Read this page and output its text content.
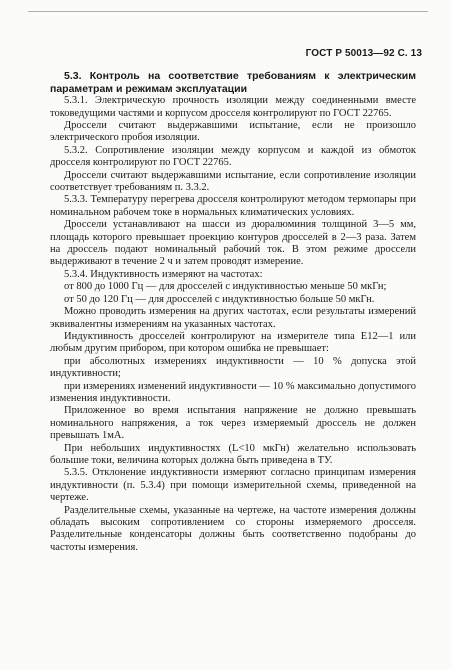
ГОСТ Р 50013—92 С. 13

5.3. Контроль на соответствие требованиям к электрическим параметрам и режимам эксплуатации

5.3.1. Электрическую прочность изоляции между соединенными вместе токоведущими частями и корпусом дросселя контролируют по ГОСТ 22765.

Дроссели считают выдержавшими испытание, если не произошло электрического пробоя изоляции.

5.3.2. Сопротивление изоляции между корпусом и каждой из обмоток дросселя контролируют по ГОСТ 22765.

Дроссели считают выдержавшими испытание, если сопротивление изоляции соответствует требованиям п. 3.3.2.

5.3.3. Температуру перегрева дросселя контролируют методом термопары при номинальном рабочем токе в нормальных климатических условиях.

Дроссели устанавливают на шасси из дюралюминия толщиной 3—5 мм, площадь которого превышает проекцию контуров дросселей в 2—3 раза. Затем на дроссель подают номинальный рабочий ток. В этом режиме дроссели выдерживают в течение 2 ч и затем проводят измерение.

5.3.4. Индуктивность измеряют на частотах:

от 800 до 1000 Гц — для дросселей с индуктивностью меньше 50 мкГн;

от 50 до 120 Гц — для дросселей с индуктивностью больше 50 мкГн.

Можно проводить измерения на других частотах, если результаты измерений эквивалентны измерениям на указанных частотах.

Индуктивность дросселей контролируют на измерителе типа Е12—1 или любым другим прибором, при котором ошибка не превышает:

при абсолютных измерениях индуктивности — 10 % допуска этой индуктивности;

при измерениях изменений индуктивности — 10 % максимально допустимого изменения индуктивности.

Приложенное во время испытания напряжение не должно превышать номинального напряжения, а ток через измеряемый дроссель не должен превышать 1мА.

При небольших индуктивностях (L<10 мкГн) желательно использовать большие токи, величина которых должна быть приведена в ТУ.

5.3.5. Отклонение индуктивности измеряют согласно принципам измерения индуктивности (п. 5.3.4) при помощи измерительной схемы, приведенной на чертеже.

Разделительные схемы, указанные на чертеже, на частоте измерения должны обладать высоким сопротивлением со стороны измеряемого дросселя. Разделительные конденсаторы должны быть соответственно подобраны до частоты измерения.
